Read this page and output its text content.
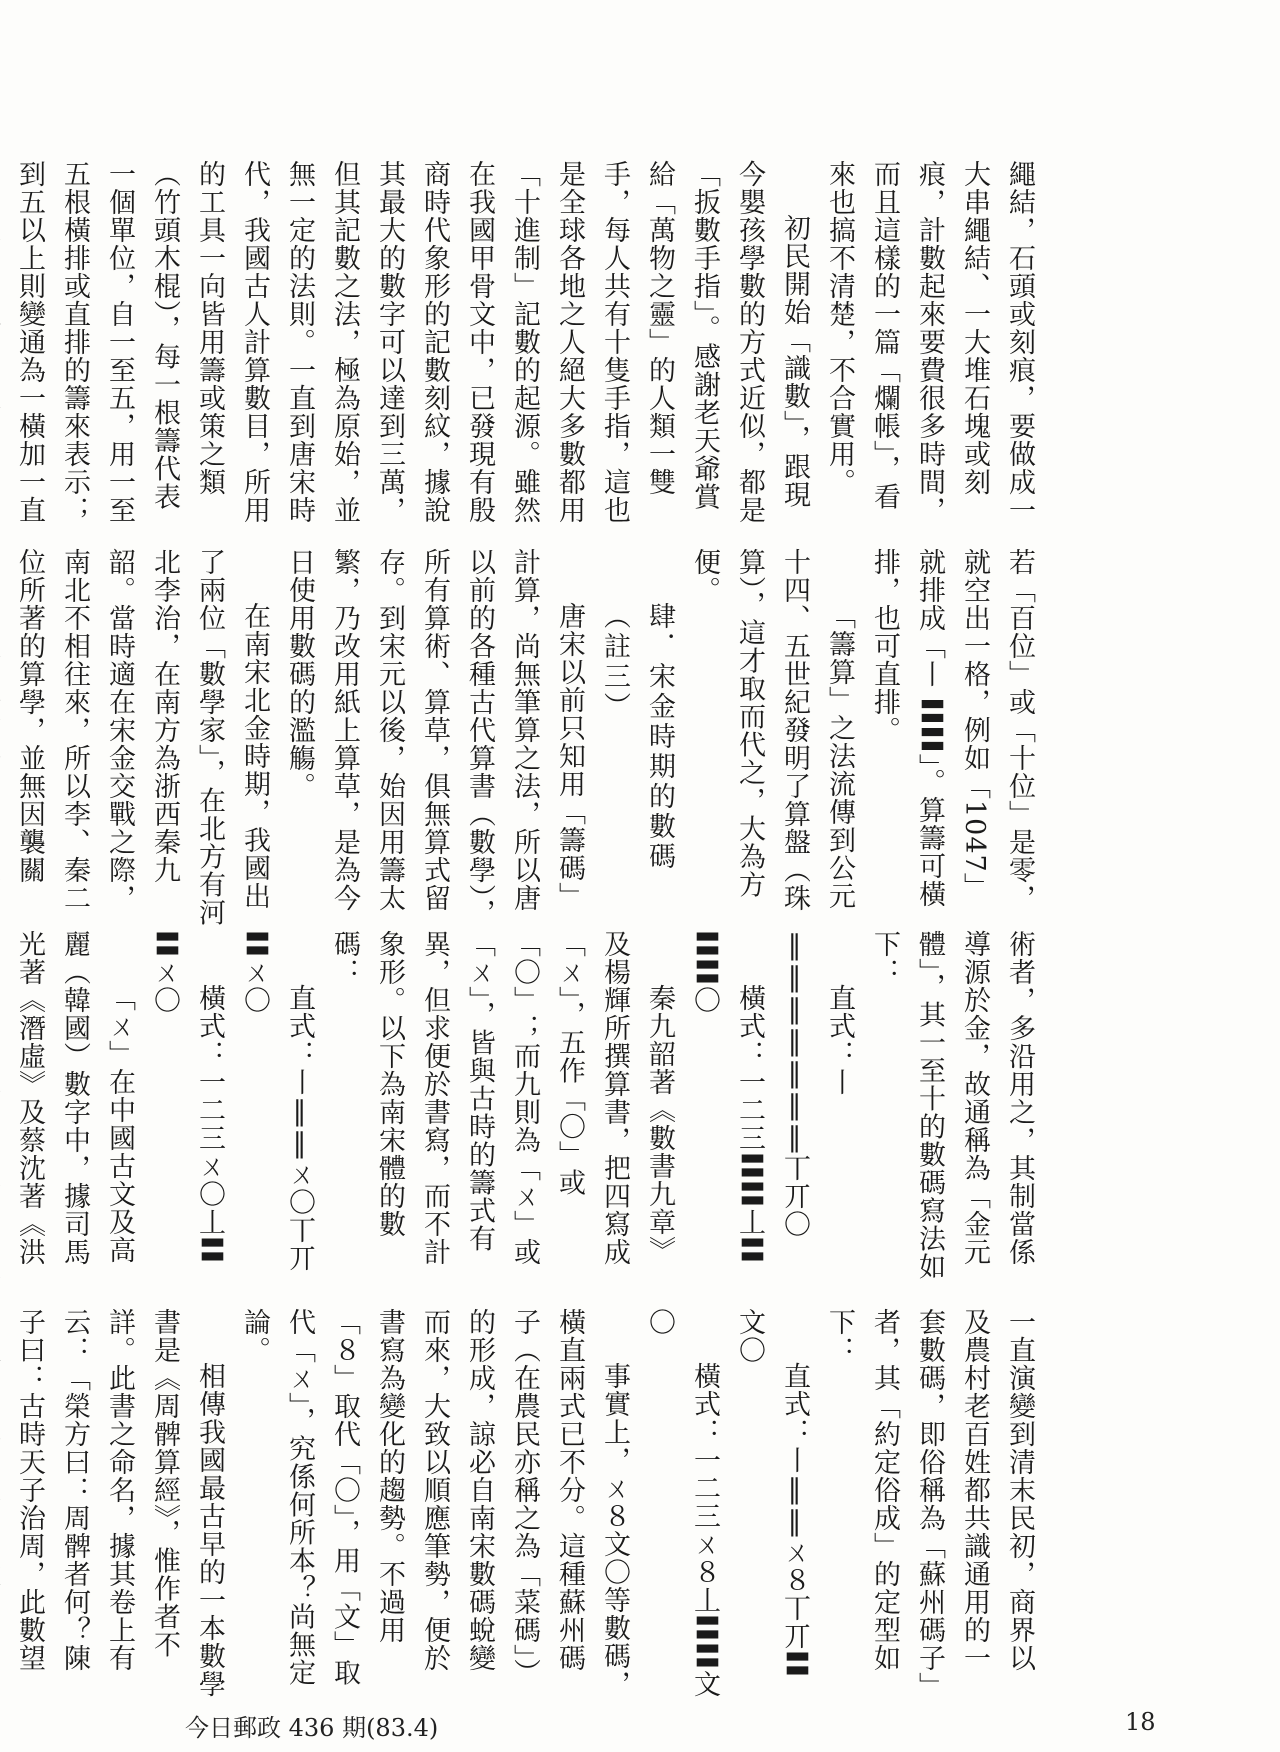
繩結，石頭或刻痕，要做成一大串繩結、一大堆石塊或刻痕，計數起來要費很多時間，而且這樣的一篇「爛帳」，看來也搞不清楚，不合實用。

初民開始「識數」，跟現今嬰孩學數的方式近似，都是「扳數手指」。感謝老天爺賞給「萬物之靈」的人類一雙手，每人共有十隻手指，這也是全球各地之人絕大多數都用「十進制」記數的起源。雖然在我國甲骨文中，已發現有殷商時代象形的記數刻紋，據說其最大的數字可以達到三萬，但其記數之法，極為原始，並無一定的法則。一直到唐宋時代，我國古人計算數目，所用的工具一向皆用籌或策之類（竹頭木棍），每一根籌代表一個單位，自一至五，用一至五根橫排或直排的籌來表示；到五以上則變通為一橫加一直

若「百位」或「十位」是零，就空出一格，例如「1047」就排成「丨 〓〓」。算籌可橫排，也可直排。

「籌算」之法流傳到公元十四、五世紀發明了算盤（珠算），這才取而代之，大為方便。

肆．宋金時期的數碼（註三）

唐宋以前只知用「籌碼」計算，尚無筆算之法，所以唐以前的各種古代算書（數學），所有算術、算草，俱無算式留存。到宋元以後，始因用籌太繁，乃改用紙上算草，是為今日使用數碼的濫觴。

在南宋北金時期，我國出了兩位「數學家」，在北方有河北李治，在南方為浙西秦九韶。當時適在宋金交戰之際，南北不相往來，所以李、秦二位所著的算學，並無因襲關

術者，多沿用之，其制當係導源於金，故通稱為「金元體」，其一至十的數碼寫法如下：

直式：丨‖‖‖‖‖‖‖丅丌〇

橫式：一二三〓〓丄〓〓〓〇

秦九韶著《數書九章》及楊輝所撰算書，把四寫成「ㄨ」，五作「〇」或「〇」；而九則為「ㄨ」或「ㄨ」，皆與古時的籌式有異，但求便於書寫，而不計象形。以下為南宋體的數碼：

直式：丨‖‖ㄨ〇丅丌〓ㄨ〇

橫式：一二三ㄨ〇丄〓〓ㄨ〇

「ㄨ」在中國古文及高麗（韓國）數字中，據司馬光著《潛虛》及蔡沈著《洪

一直演變到清末民初，商界以及農村老百姓都共識通用的一套數碼，即俗稱為「蘇州碼子」者，其「約定俗成」的定型如下：

直式：丨‖‖ㄨ８丅丌〓文〇

橫式：一二三ㄨ８丄〓〓文〇

事實上，ㄨ８文〇等數碼，橫直兩式已不分。這種蘇州碼子（在農民亦稱之為「菜碼」）的形成，諒必自南宋數碼蛻變而來，大致以順應筆勢，便於書寫為變化的趨勢。不過用「８」取代「〇」，用「文」取代「ㄨ」，究係何所本？尚無定論。

相傳我國最古早的一本數學書是《周髀算經》，惟作者不詳。此書之命名，據其卷上有云：「榮方曰：周髀者何？陳子曰：古時天子治周，此數望

今日郵政 436 期(83.4)	18
